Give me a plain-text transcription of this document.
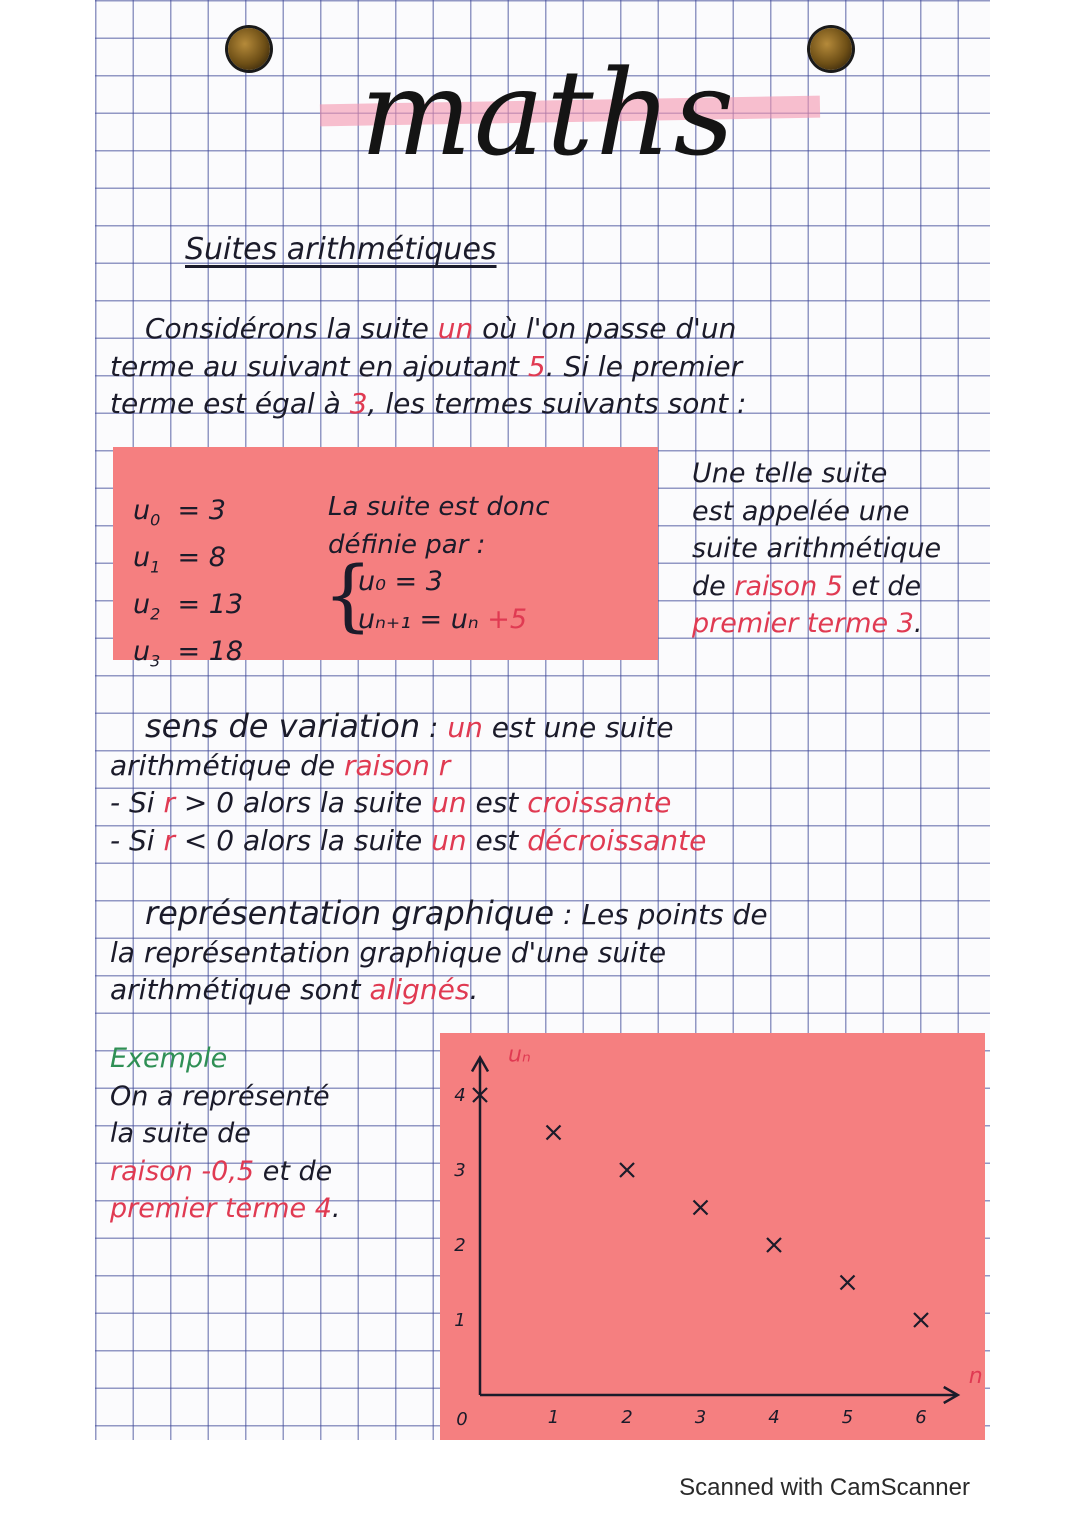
maths
Suites arithmétiques
Considérons la suite un où l'on passe d'un
terme au suivant en ajoutant 5. Si le premier
terme est égal à 3, les termes suivants sont :
$u_0 = 3$
$u_1 = 8$
$u_2 = 13$
$u_3 = 18$
La suite est donc
définie par :
{
u₀ = 3
uₙ₊₁ = uₙ +5
Une telle suite
est appelée une
suite arithmétique
de raison 5 et de
premier terme 3.
sens de variation : un est une suite
arithmétique de raison r
- Si r > 0 alors la suite un est croissante
- Si r < 0 alors la suite un est décroissante
représentation graphique : Les points de
la représentation graphique d'une suite
arithmétique sont alignés.
Exemple
On a représenté
la suite de
raison -0,5 et de
premier terme 4.
n
uₙ
0	1	2	3	4	5	6
1
2
3
4
Scanned with CamScanner
